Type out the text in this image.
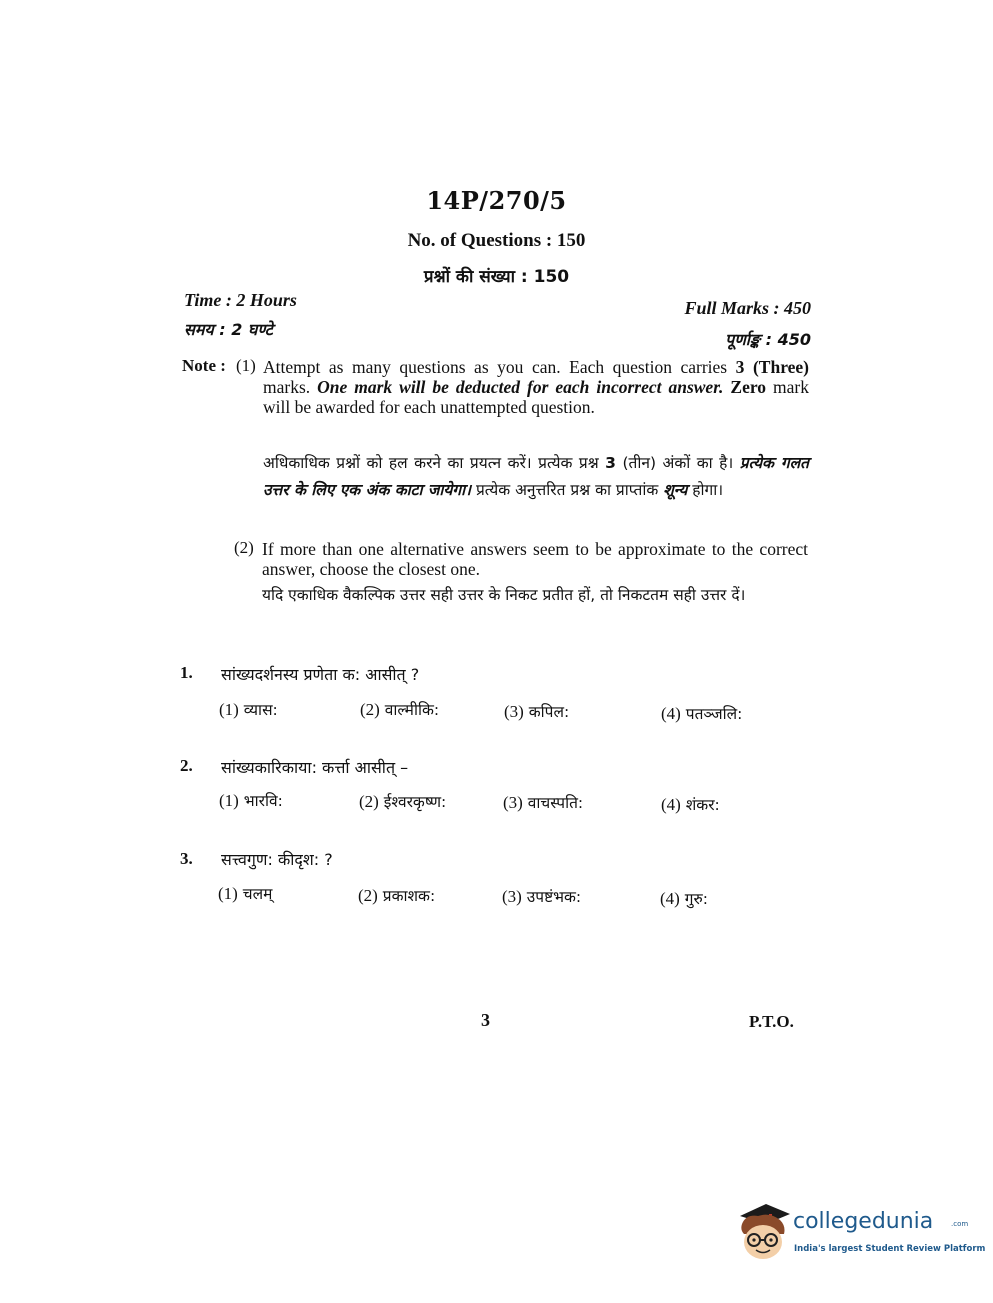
14P/270/5
No. of Questions : 150
प्रश्नों की संख्या : 150
Time : 2 Hours
समय : 2 घण्टे
Full Marks : 450
पूर्णाङ्क : 450
Note : (1) Attempt as many questions as you can. Each question carries 3 (Three) marks. One mark will be deducted for each incorrect answer. Zero mark will be awarded for each unattempted question.
अधिकाधिक प्रश्नों को हल करने का प्रयत्न करें। प्रत्येक प्रश्न 3 (तीन) अंकों का है। प्रत्येक गलत उत्तर के लिए एक अंक काटा जायेगा। प्रत्येक अनुत्तरित प्रश्न का प्राप्तांक शून्य होगा।
(2) If more than one alternative answers seem to be approximate to the correct answer, choose the closest one.
यदि एकाधिक वैकल्पिक उत्तर सही उत्तर के निकट प्रतीत हों, तो निकटतम सही उत्तर दें।
1. सांख्यदर्शनस्य प्रणेता क: आसीत् ?
(1) व्यास:	(2) वाल्मीकि:	(3) कपिल:	(4) पतञ्जलि:
2. सांख्यकारिकाया: कर्त्ता आसीत् –
(1) भारवि:	(2) ईश्वरकृष्ण:	(3) वाचस्पति:	(4) शंकर:
3. सत्त्वगुण: कीदृश: ?
(1) चलम्	(2) प्रकाशक:	(3) उपष्टंभक:	(4) गुरु:
3	P.T.O.
collegedunia	.com
India's largest Student Review Platform
